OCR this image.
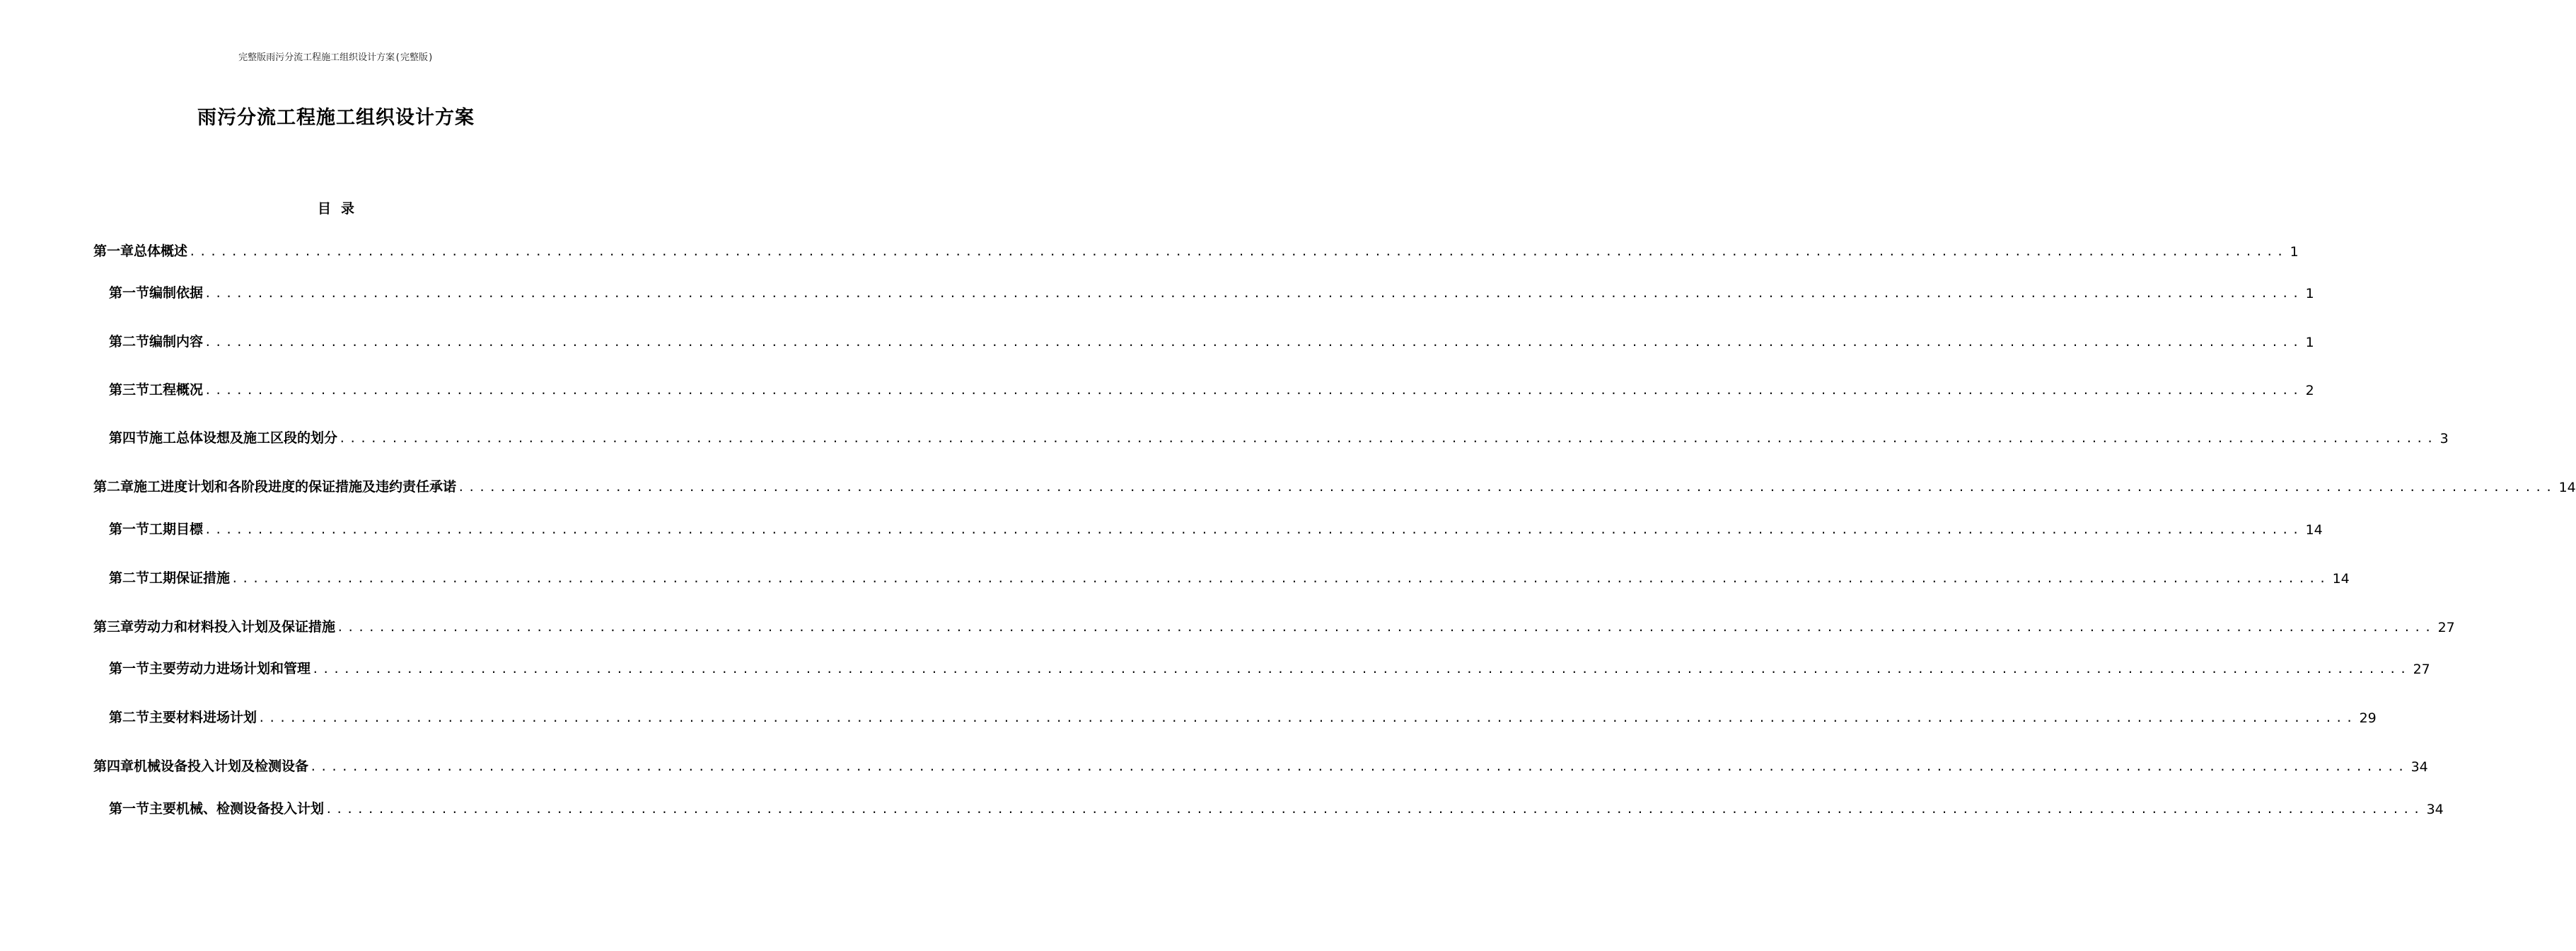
完整版雨污分流工程施工组织设计方案(完整版)
雨污分流工程施工组织设计方案
目 录
第一章 总体概述 ........................................................................................................................................................................................................ 1
第一节 编制依据 ........................................................................................................................................................................................................ 1
第二节 编制内容 ........................................................................................................................................................................................................ 1
第三节 工程概况 ........................................................................................................................................................................................................ 2
第四节 施工总体设想及施工区段的划分 ........................................................................................................................................................................................................ 3
第二章 施工进度计划和各阶段进度的保证措施及违约责任承诺 ........................................................................................................................................................................................................ 14
第一节 工期目標 ........................................................................................................................................................................................................ 14
第二节 工期保证措施 ........................................................................................................................................................................................................ 14
第三章 劳动力和材料投入计划及保证措施 ........................................................................................................................................................................................................ 27
第一节 主要劳动力进场计划和管理 ........................................................................................................................................................................................................ 27
第二节 主要材料进场计划 ........................................................................................................................................................................................................ 29
第四章 机械设备投入计划及检测设备 ........................................................................................................................................................................................................ 34
第一节 主要机械、检测设备投入计划 ........................................................................................................................................................................................................ 34
